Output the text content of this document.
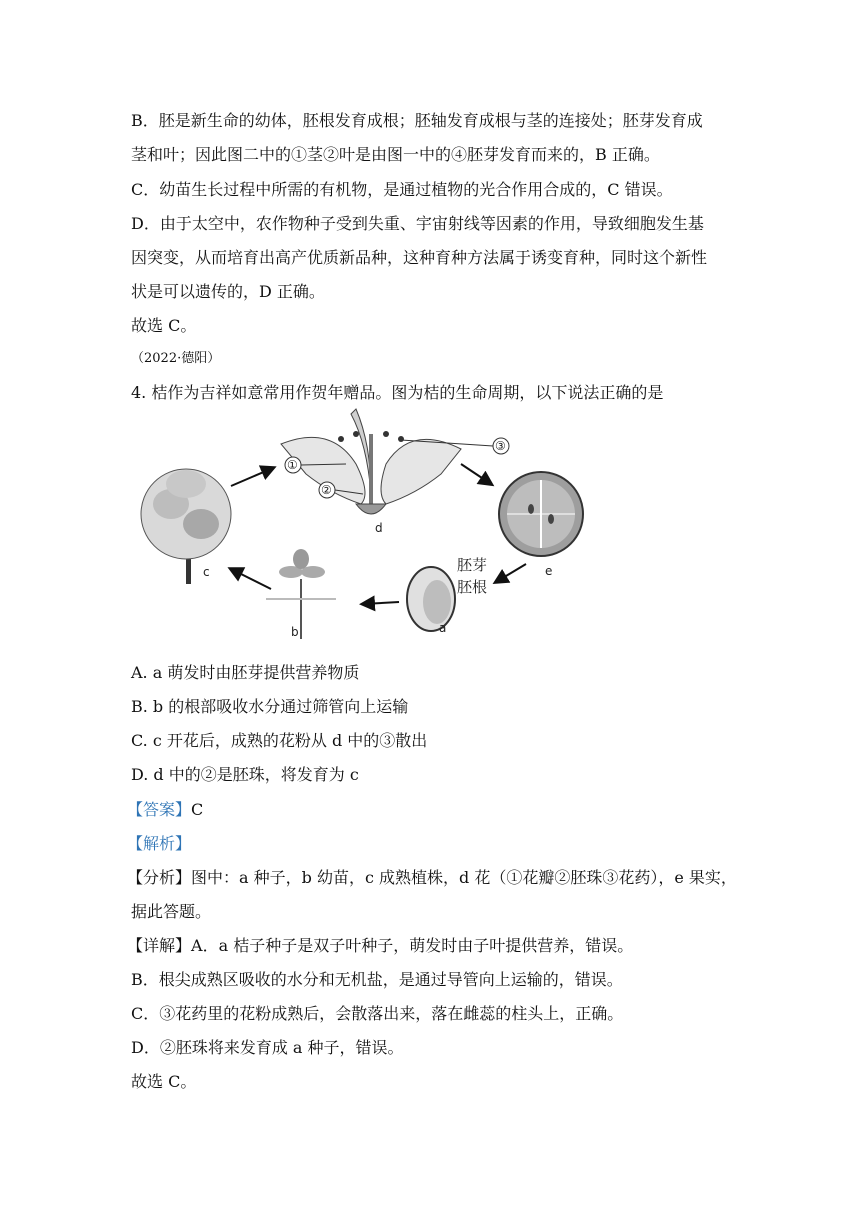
B．胚是新生命的幼体，胚根发育成根；胚轴发育成根与茎的连接处；胚芽发育成
茎和叶；因此图二中的①茎②叶是由图一中的④胚芽发育而来的，B 正确。
C．幼苗生长过程中所需的有机物，是通过植物的光合作用合成的，C 错误。
D．由于太空中，农作物种子受到失重、宇宙射线等因素的作用，导致细胞发生基
因突变，从而培育出高产优质新品种，这种育种方法属于诱变育种，同时这个新性
状是可以遗传的，D 正确。
故选 C。
（2022·德阳）
4. 桔作为吉祥如意常用作贺年赠品。图为桔的生命周期，以下说法正确的是
c
①
②
③
d
e
胚芽
胚根
a
b
A. a 萌发时由胚芽提供营养物质
B. b 的根部吸收水分通过筛管向上运输
C. c 开花后，成熟的花粉从 d 中的③散出
D. d 中的②是胚珠，将发育为 c
【答案】C
【解析】
【分析】图中：a 种子，b 幼苗，c 成熟植株，d 花（①花瓣②胚珠③花药），e 果实，
据此答题。
【详解】A．a 桔子种子是双子叶种子，萌发时由子叶提供营养，错误。
B．根尖成熟区吸收的水分和无机盐，是通过导管向上运输的，错误。
C．③花药里的花粉成熟后，会散落出来，落在雌蕊的柱头上，正确。
D．②胚珠将来发育成 a 种子，错误。
故选 C。
